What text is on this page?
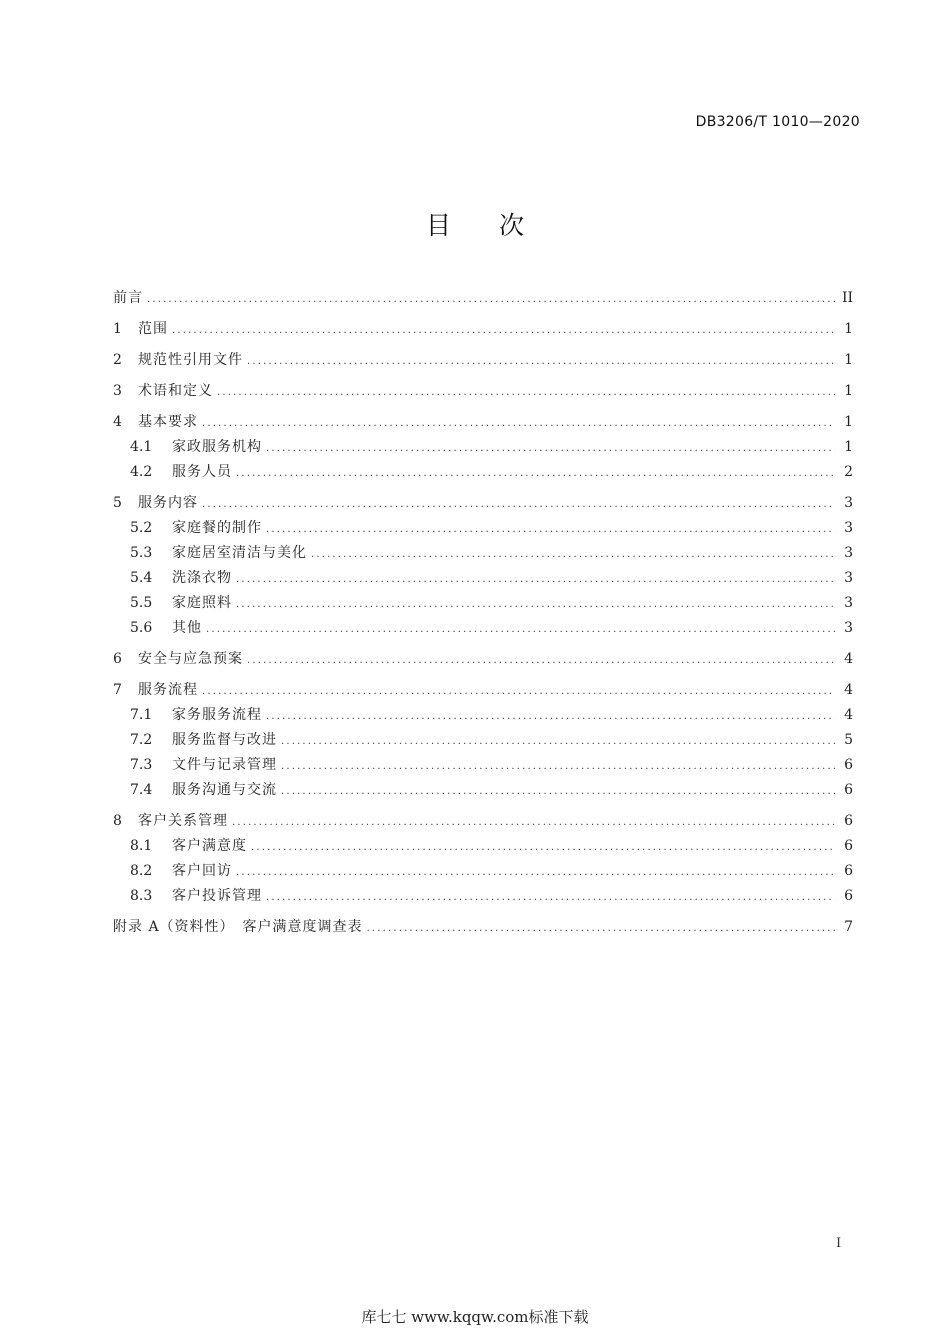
DB3206/T 1010—2020
目次
前言 . . .	II
1	范围 . . .	1
2	规范性引用文件 . . .	1
3	术语和定义 . . .	1
4	基本要求 . . .	1
4.1	家政服务机构 . . .	1
4.2	服务人员 . . .	2
5	服务内容 . . .	3
5.2	家庭餐的制作 . . .	3
5.3	家庭居室清洁与美化 . . .	3
5.4	洗涤衣物 . . .	3
5.5	家庭照料 . . .	3
5.6	其他 . . .	3
6	安全与应急预案 . . .	4
7	服务流程 . . .	4
7.1	家务服务流程 . . .	4
7.2	服务监督与改进 . . .	5
7.3	文件与记录管理 . . .	6
7.4	服务沟通与交流 . . .	6
8	客户关系管理 . . .	6
8.1	客户满意度 . . .	6
8.2	客户回访 . . .	6
8.3	客户投诉管理 . . .	6
附录 A（资料性）　客户满意度调查表 . . .	7
I
库七七 www.kqqw.com标准下载
